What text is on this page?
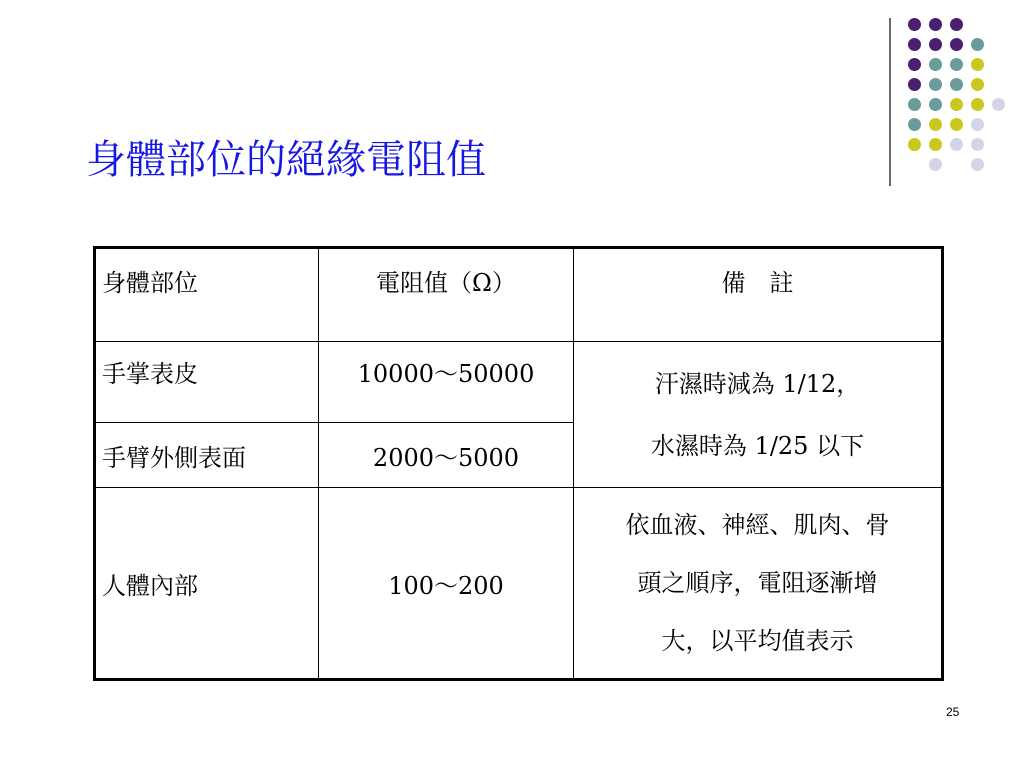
身體部位的絕緣電阻值
身體部位	電阻值（Ω）	備　註
手掌表皮	10000～50000	汗濕時減為 1/12，
水濕時為 1/25 以下

手臂外側表面	2000～5000	
人體內部	100～200	依血液、神經、肌肉、骨
頭之順序，電阻逐漸增
大，以平均值表示
25
